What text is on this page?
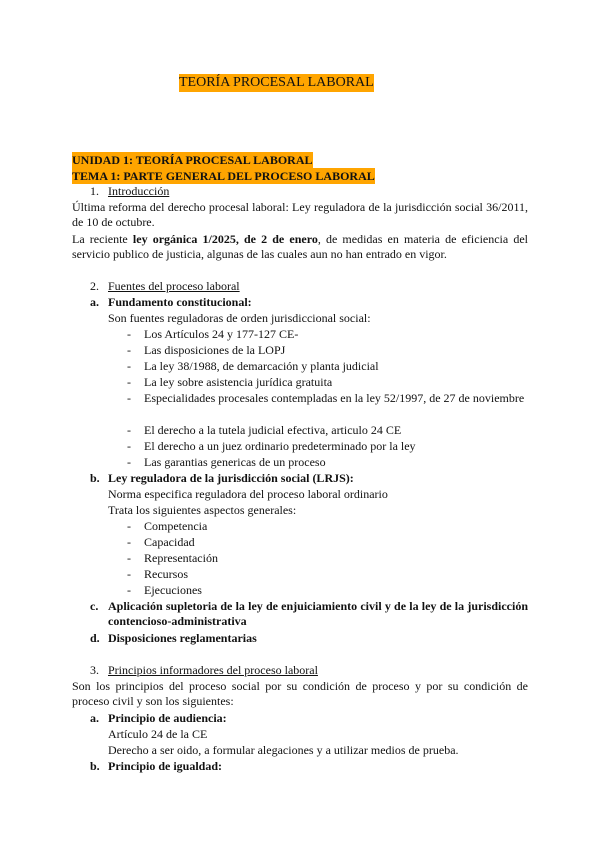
TEORÍA PROCESAL LABORAL
UNIDAD 1: TEORÍA PROCESAL LABORAL
TEMA 1: PARTE GENERAL DEL PROCESO LABORAL
1. Introducción
Última reforma del derecho procesal laboral: Ley reguladora de la jurisdicción social 36/2011, de 10 de octubre.
La reciente ley orgánica 1/2025, de 2 de enero, de medidas en materia de eficiencia del servicio publico de justicia, algunas de las cuales aun no han entrado en vigor.
2. Fuentes del proceso laboral
a. Fundamento constitucional:
Son fuentes reguladoras de orden jurisdiccional social:
- Los Artículos 24 y 177-127 CE-
- Las disposiciones de la LOPJ
- La ley 38/1988, de demarcación y planta judicial
- La ley sobre asistencia jurídica gratuita
- Especialidades procesales contempladas en la ley 52/1997, de 27 de noviembre
- El derecho a la tutela judicial efectiva, articulo 24 CE
- El derecho a un juez ordinario predeterminado por la ley
- Las garantias genericas de un proceso
b. Ley reguladora de la jurisdicción social (LRJS):
Norma especifica reguladora del proceso laboral ordinario
Trata los siguientes aspectos generales:
- Competencia
- Capacidad
- Representación
- Recursos
- Ejecuciones
c. Aplicación supletoria de la ley de enjuiciamiento civil y de la ley de la jurisdicción contencioso-administrativa
d. Disposiciones reglamentarias
3. Principios informadores del proceso laboral
Son los principios del proceso social por su condición de proceso y por su condición de proceso civil y son los siguientes:
a. Principio de audiencia:
Artículo 24 de la CE
Derecho a ser oido, a formular alegaciones y a utilizar medios de prueba.
b. Principio de igualdad:
